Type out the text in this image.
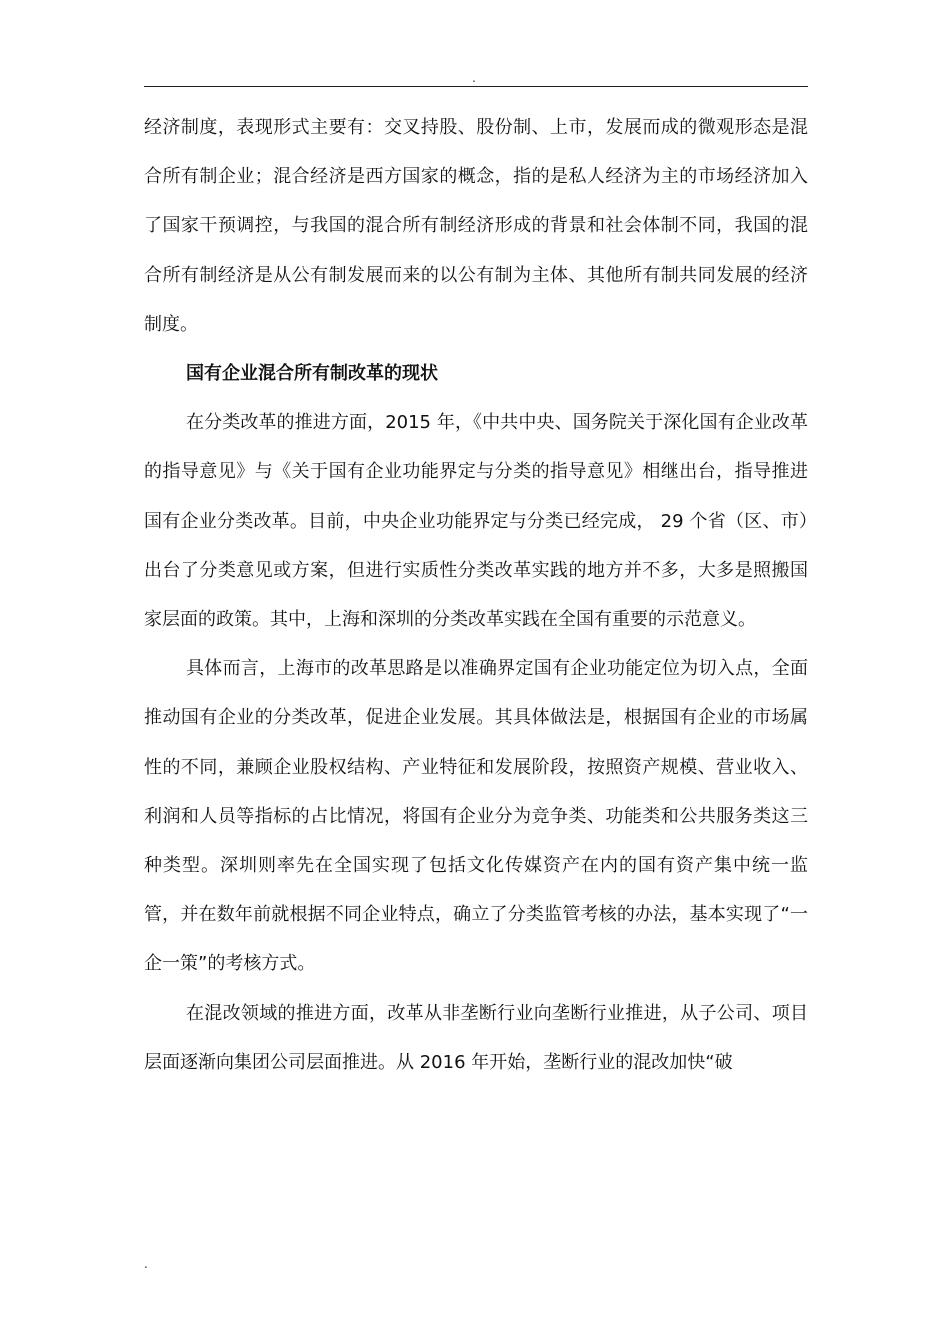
.

经济制度，表现形式主要有：交叉持股、股份制、上市，发展而成的微观形态是混合所有制企业；混合经济是西方国家的概念，指的是私人经济为主的市场经济加入了国家干预调控，与我国的混合所有制经济形成的背景和社会体制不同，我国的混合所有制经济是从公有制发展而来的以公有制为主体、其他所有制共同发展的经济制度。

国有企业混合所有制改革的现状

在分类改革的推进方面，2015 年，《中共中央、国务院关于深化国有企业改革的指导意见》与《关于国有企业功能界定与分类的指导意见》相继出台，指导推进国有企业分类改革。目前，中央企业功能界定与分类已经完成， 29 个省（区、市）出台了分类意见或方案，但进行实质性分类改革实践的地方并不多，大多是照搬国家层面的政策。其中，上海和深圳的分类改革实践在全国有重要的示范意义。

具体而言，上海市的改革思路是以准确界定国有企业功能定位为切入点，全面推动国有企业的分类改革，促进企业发展。其具体做法是，根据国有企业的市场属性的不同，兼顾企业股权结构、产业特征和发展阶段，按照资产规模、营业收入、利润和人员等指标的占比情况，将国有企业分为竞争类、功能类和公共服务类这三种类型。深圳则率先在全国实现了包括文化传媒资产在内的国有资产集中统一监管，并在数年前就根据不同企业特点，确立了分类监管考核的办法，基本实现了“一企一策”的考核方式。

在混改领域的推进方面，改革从非垄断行业向垄断行业推进，从子公司、项目层面逐渐向集团公司层面推进。从 2016 年开始，垄断行业的混改加快“破

.
